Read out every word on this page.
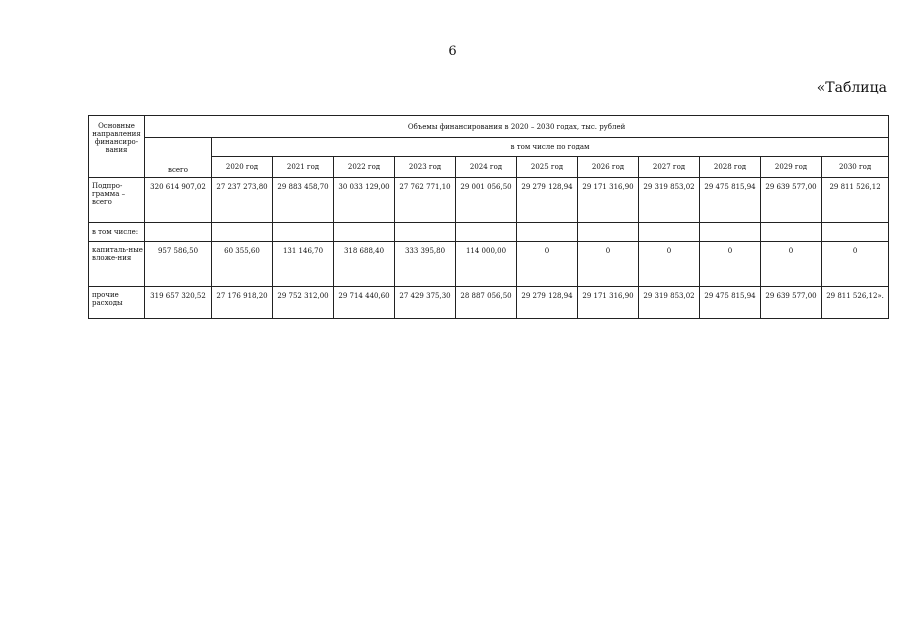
6
«Таблица
Основные направления финансиро-вания	Объемы финансирования в 2020 – 2030 годах, тыс. рублей											
	всего	в том числе по годам										
		2020 год	2021 год	2022 год	2023 год	2024 год	2025 год	2026 год	2027 год	2028 год	2029 год	2030 год
Подпро-грамма – всего	320 614 907,02	27 237 273,80	29 883 458,70	30 033 129,00	27 762 771,10	29 001 056,50	29 279 128,94	29 171 316,90	29 319 853,02	29 475 815,94	29 639 577,00	29 811 526,12
в том числе:												
капиталь-ные вложе-ния	957 586,50	60 355,60	131 146,70	318 688,40	333 395,80	114 000,00	0	0	0	0	0	0
прочие расходы	319 657 320,52	27 176 918,20	29 752 312,00	29 714 440,60	27 429 375,30	28 887 056,50	29 279 128,94	29 171 316,90	29 319 853,02	29 475 815,94	29 639 577,00	29 811 526,12».
